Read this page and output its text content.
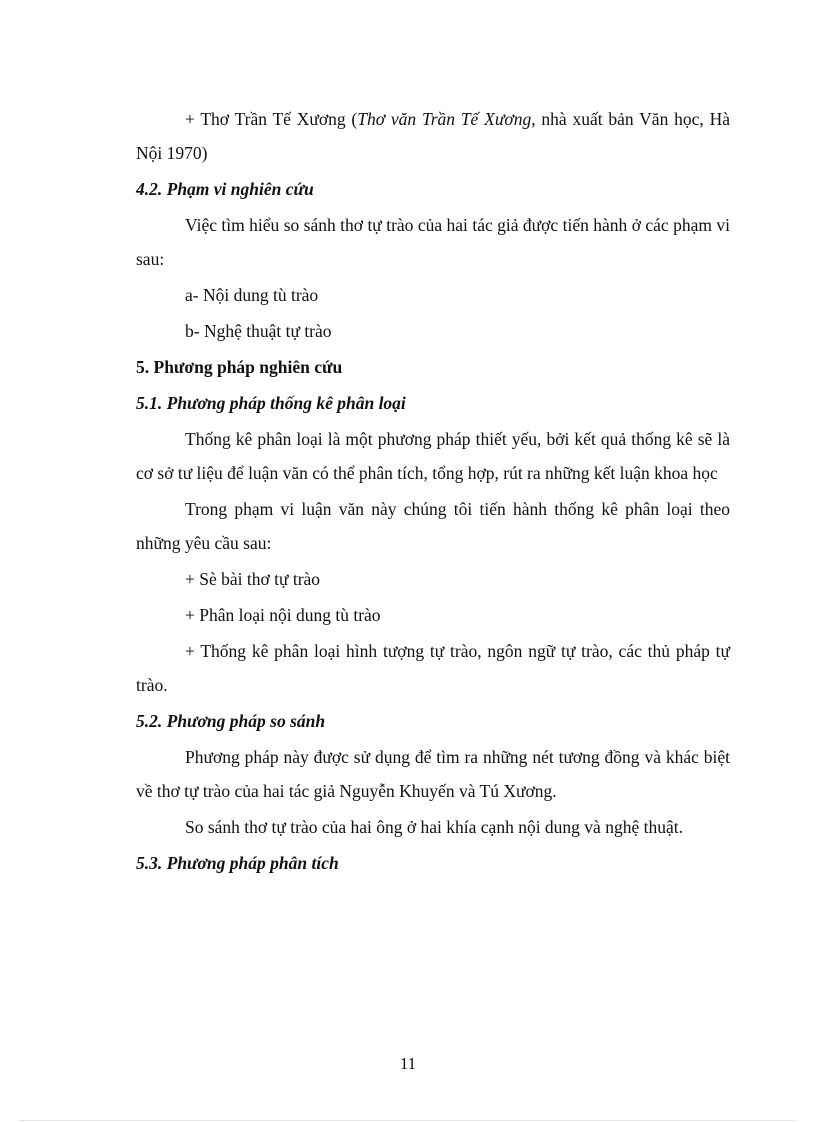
+ Thơ Trần Tế Xương (Thơ văn Trần Tế Xương, nhà xuất bản Văn học, Hà Nội 1970)

4.2. Phạm vi nghiên cứu

Việc tìm hiểu so sánh thơ tự trào của hai tác giả được tiến hành ở các phạm vi sau:

a- Nội dung tù trào

b- Nghệ thuật tự trào

5. Phương pháp nghiên cứu

5.1. Phương pháp thống kê phân loại

Thống kê phân loại là một phương pháp thiết yếu, bởi kết quả thống kê sẽ là cơ sở tư liệu để luận văn có thể phân tích, tổng hợp, rút ra những kết luận khoa học

Trong phạm vi luận văn này chúng tôi tiến hành thống kê phân loại theo những yêu cầu sau:

+ Sè bài thơ tự trào

+ Phân loại nội dung tù trào

+ Thống kê phân loại hình tượng tự trào, ngôn ngữ tự trào, các thủ pháp tự trào.

5.2. Phương pháp so sánh

Phương pháp này được sử dụng để tìm ra những nét tương đồng và khác biệt về thơ tự trào của hai tác giả Nguyễn Khuyến và Tú Xương.

So sánh thơ tự trào của hai ông ở hai khía cạnh nội dung và nghệ thuật.

5.3. Phương pháp phân tích

11
